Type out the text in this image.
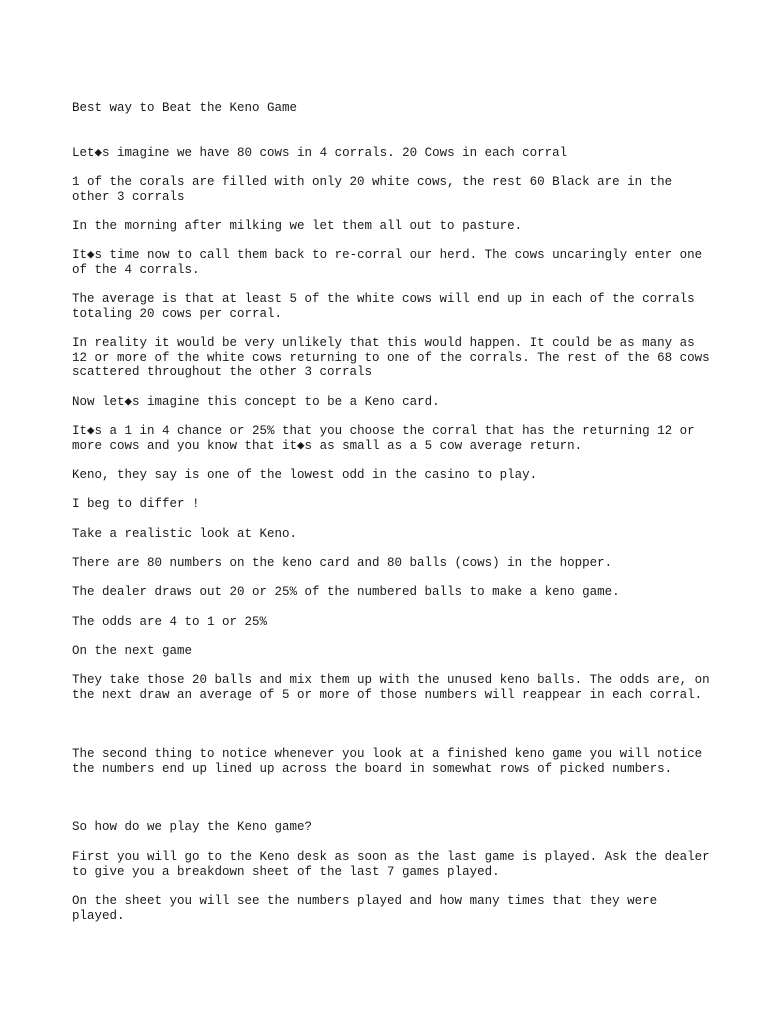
Best way to Beat the Keno Game

Let◆s imagine we have 80 cows in 4 corrals. 20 Cows in each corral

1 of the corals are filled with only 20 white cows, the rest 60 Black are in the other 3 corrals

In the morning after milking we let them all out to pasture.

It◆s time now to call them back to re-corral our herd. The cows uncaringly enter one of the 4 corrals.

The average is that at least 5 of the white cows will end up in each of the corrals totaling 20 cows per corral.

In reality it would be very unlikely that this would happen. It could be as many as 12 or more of the white cows returning to one of the corrals. The rest of the 68 cows scattered throughout the other 3 corrals

Now let◆s imagine this concept to be a Keno card.

It◆s a 1 in 4 chance or 25% that you choose the corral that has the returning 12 or more cows and you know that it◆s as small as a 5 cow average return.

Keno, they say is one of the lowest odd in the casino to play.

I beg to differ !

Take a realistic look at Keno.

There are 80 numbers on the keno card and 80 balls (cows) in the hopper.

The dealer draws out 20 or 25% of the numbered balls to make a keno game.

The odds are 4 to 1 or 25%

On the next game

They take those 20 balls and mix them up with the unused keno balls. The odds are, on the next draw an average of 5 or more of those numbers will reappear in each corral.

The second thing to notice whenever you look at a finished keno game you will notice the numbers end up lined up across the board in somewhat rows of picked numbers.

So how do we play the Keno game?

First you will go to the Keno desk as soon as the last game is played. Ask the dealer to give you a breakdown sheet of the last 7 games played.

On the sheet you will see the numbers played and how many times that they were played.
